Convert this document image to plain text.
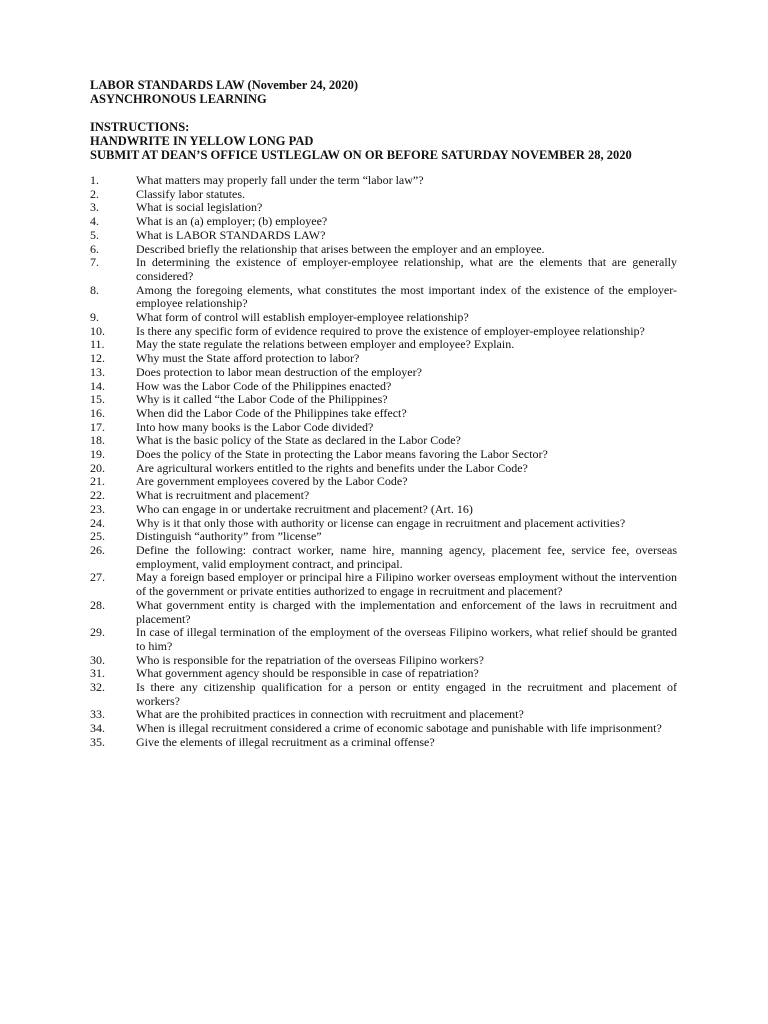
LABOR STANDARDS LAW (November 24, 2020)

ASYNCHRONOUS LEARNING

INSTRUCTIONS:

HANDWRITE IN YELLOW LONG PAD

SUBMIT AT DEAN’S OFFICE USTLEGLAW ON OR BEFORE SATURDAY NOVEMBER 28, 2020

1.	What matters may properly fall under the term “labor law”?
2.	Classify labor statutes.
3.	What is social legislation?
4.	What is an (a) employer; (b) employee?
5.	What is LABOR STANDARDS LAW?
6.	Described briefly the relationship that arises between the employer and an employee.
7.	In determining the existence of employer-employee relationship, what are the elements that are generally considered?
8.	Among the foregoing elements, what constitutes the most important index of the existence of the employer-employee relationship?
9.	What form of control will establish employer-employee relationship?
10.	Is there any specific form of evidence required to prove the existence of employer-employee relationship?
11.	May the state regulate the relations between employer and employee? Explain.
12.	Why must the State afford protection to labor?
13.	Does protection to labor mean destruction of the employer?
14.	How was the Labor Code of the Philippines enacted?
15.	Why is it called “the Labor Code of the Philippines?
16.	When did the Labor Code of the Philippines take effect?
17.	Into how many books is the Labor Code divided?
18.	What is the basic policy of the State as declared in the Labor Code?
19.	Does the policy of the State in protecting the Labor means favoring the Labor Sector?
20.	Are agricultural workers entitled to the rights and benefits under the Labor Code?
21.	Are government employees covered by the Labor Code?
22.	What is recruitment and placement?
23.	Who can engage in or undertake recruitment and placement? (Art. 16)
24.	Why is it that only those with authority or license can engage in recruitment and placement activities?
25.	Distinguish “authority” from ”license”
26.	Define the following: contract worker, name hire, manning agency, placement fee, service fee, overseas employment, valid employment contract, and principal.
27.	May a foreign based employer or principal hire a Filipino worker overseas employment without the intervention of the government or private entities authorized to engage in recruitment and placement?
28.	What government entity is charged with the implementation and enforcement of the laws in recruitment and placement?
29.	In case of illegal termination of the employment of the overseas Filipino workers, what relief should be granted to him?
30.	Who is responsible for the repatriation of the overseas Filipino workers?
31.	What government agency should be responsible in case of repatriation?
32.	Is there any citizenship qualification for a person or entity engaged in the recruitment and placement of workers?
33.	What are the prohibited practices in connection with recruitment and placement?
34.	When is illegal recruitment considered a crime of economic sabotage and punishable with life imprisonment?
35.	Give the elements of illegal recruitment as a criminal offense?
